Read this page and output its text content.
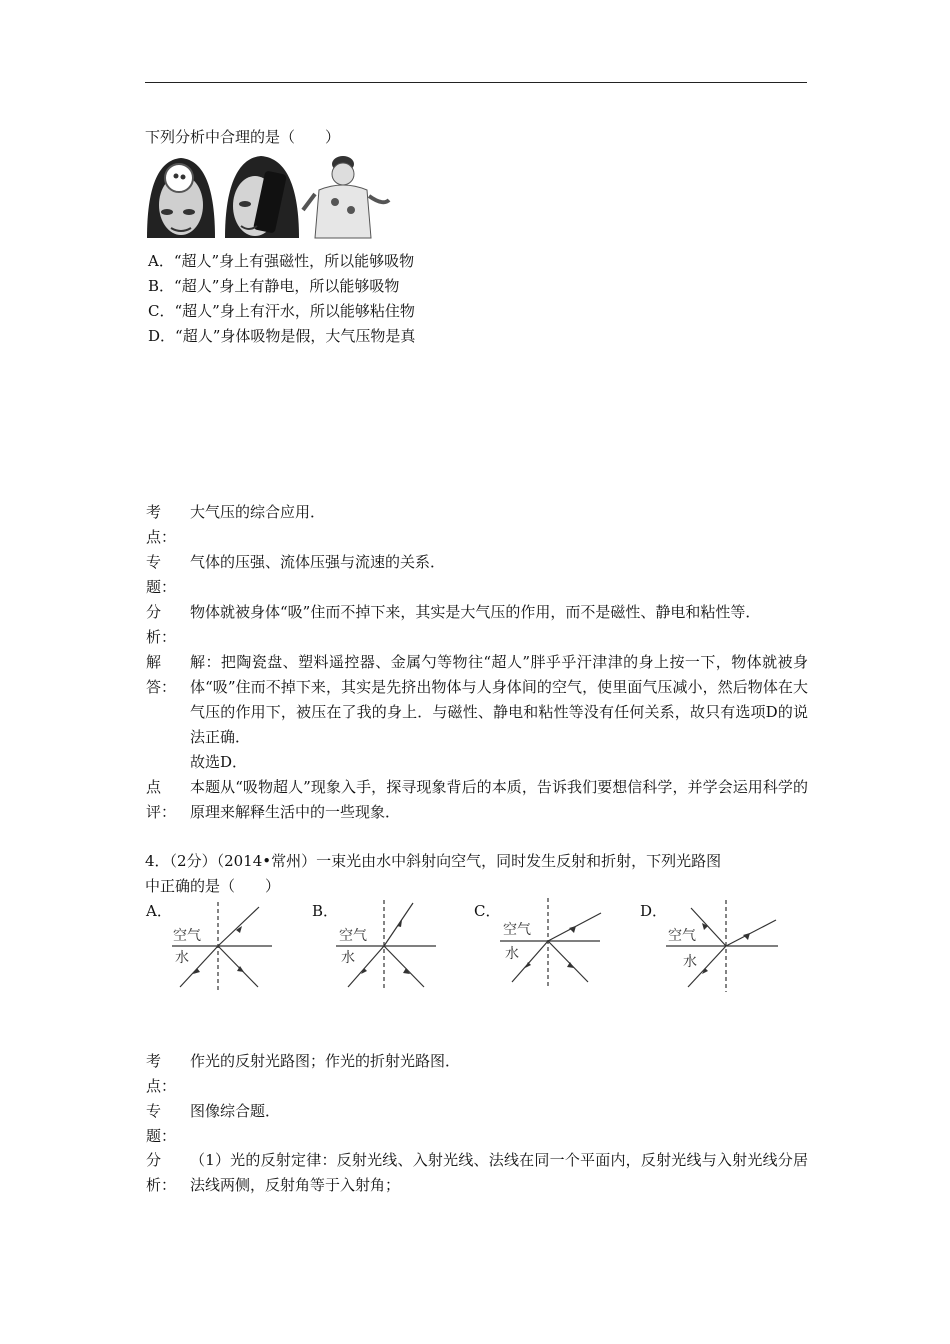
下列分析中合理的是（　　）
A．“超人”身上有强磁性，所以能够吸物
B．“超人”身上有静电，所以能够吸物
C．“超人”身上有汗水，所以能够粘住物
D．“超人”身体吸物是假，大气压物是真
考
点：

大气压的综合应用．

专
题：

气体的压强、流体压强与流速的关系．

分
析：

物体就被身体“吸”住而不掉下来，其实是大气压的作用，而不是磁性、静电和粘性等．

解
答：

解：把陶瓷盘、塑料遥控器、金属勺等物往“超人”胖乎乎汗津津的身上按一下，物体就被身体“吸”住而不掉下来，其实是先挤出物体与人身体间的空气，使里面气压减小，然后物体在大气压的作用下，被压在了我的身上．与磁性、静电和粘性等没有任何关系，故只有选项D的说法正确．

故选D．

点
评：

本题从“吸物超人”现象入手，探寻现象背后的本质，告诉我们要想信科学，并学会运用科学的原理来解释生活中的一些现象．

4．（2分）（2014•常州）一束光由水中斜射向空气，同时发生反射和折射，下列光路图
中正确的是（　　）
A．	B．	C．	D．
空气
水
空气
水
空气
水
空气
水
考
点：

作光的反射光路图；作光的折射光路图．

专
题：

图像综合题．

分
析：

（1）光的反射定律：反射光线、入射光线、法线在同一个平面内，反射光线与入射光线分居法线两侧，反射角等于入射角；
